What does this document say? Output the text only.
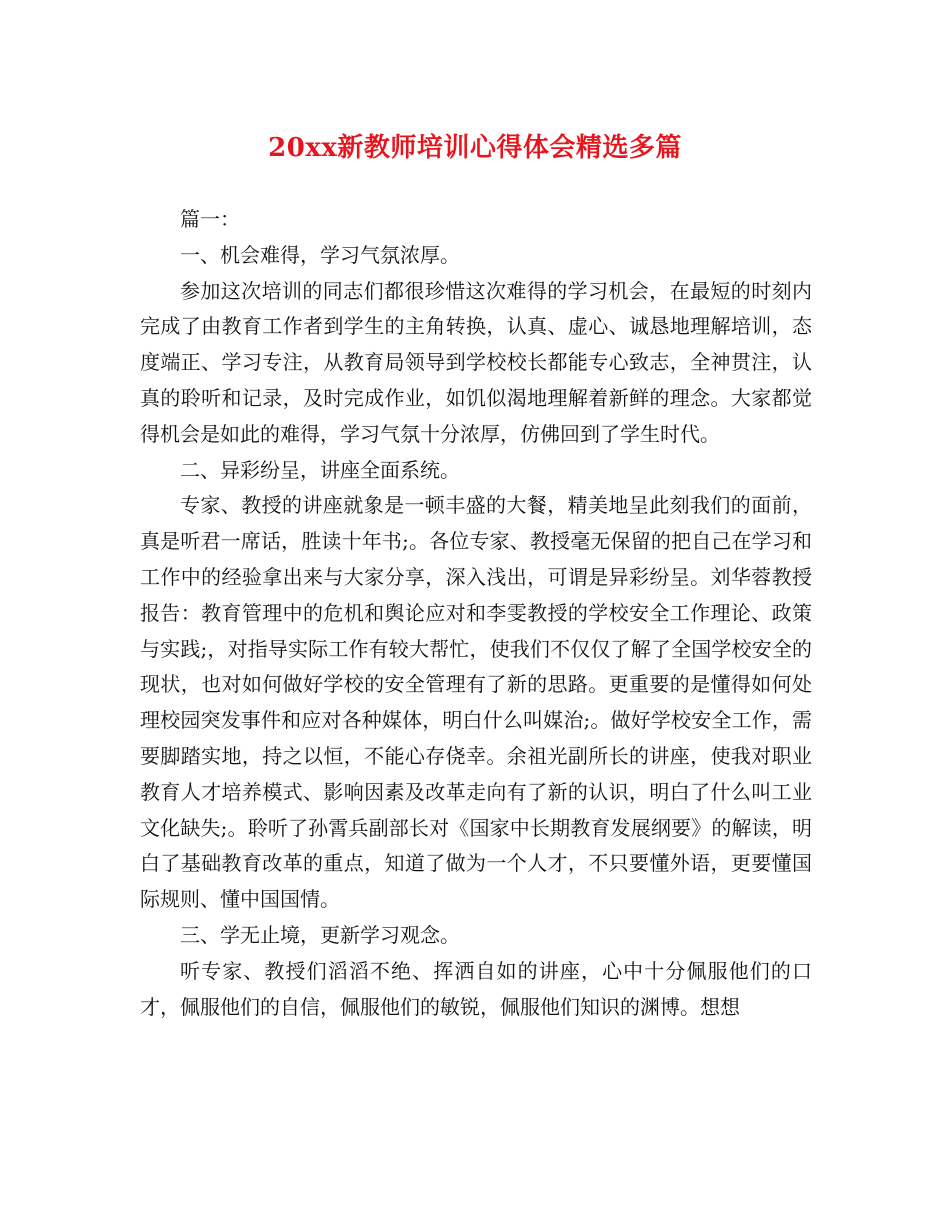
20xx新教师培训心得体会精选多篇

篇一：

一、机会难得，学习气氛浓厚。

参加这次培训的同志们都很珍惜这次难得的学习机会，在最短的时刻内完成了由教育工作者到学生的主角转换，认真、虚心、诚恳地理解培训，态度端正、学习专注，从教育局领导到学校校长都能专心致志，全神贯注，认真的聆听和记录，及时完成作业，如饥似渴地理解着新鲜的理念。大家都觉得机会是如此的难得，学习气氛十分浓厚，仿佛回到了学生时代。

二、异彩纷呈，讲座全面系统。

专家、教授的讲座就象是一顿丰盛的大餐，精美地呈此刻我们的面前，真是听君一席话，胜读十年书;。各位专家、教授毫无保留的把自己在学习和工作中的经验拿出来与大家分享，深入浅出，可谓是异彩纷呈。刘华蓉教授报告：教育管理中的危机和舆论应对和李雯教授的学校安全工作理论、政策与实践;，对指导实际工作有较大帮忙，使我们不仅仅了解了全国学校安全的现状，也对如何做好学校的安全管理有了新的思路。更重要的是懂得如何处理校园突发事件和应对各种媒体，明白什么叫媒治;。做好学校安全工作，需要脚踏实地，持之以恒，不能心存侥幸。余祖光副所长的讲座，使我对职业教育人才培养模式、影响因素及改革走向有了新的认识，明白了什么叫工业文化缺失;。聆听了孙霄兵副部长对《国家中长期教育发展纲要》的解读，明白了基础教育改革的重点，知道了做为一个人才，不只要懂外语，更要懂国际规则、懂中国国情。

三、学无止境，更新学习观念。

听专家、教授们滔滔不绝、挥洒自如的讲座，心中十分佩服他们的口才，佩服他们的自信，佩服他们的敏锐，佩服他们知识的渊博。想想
